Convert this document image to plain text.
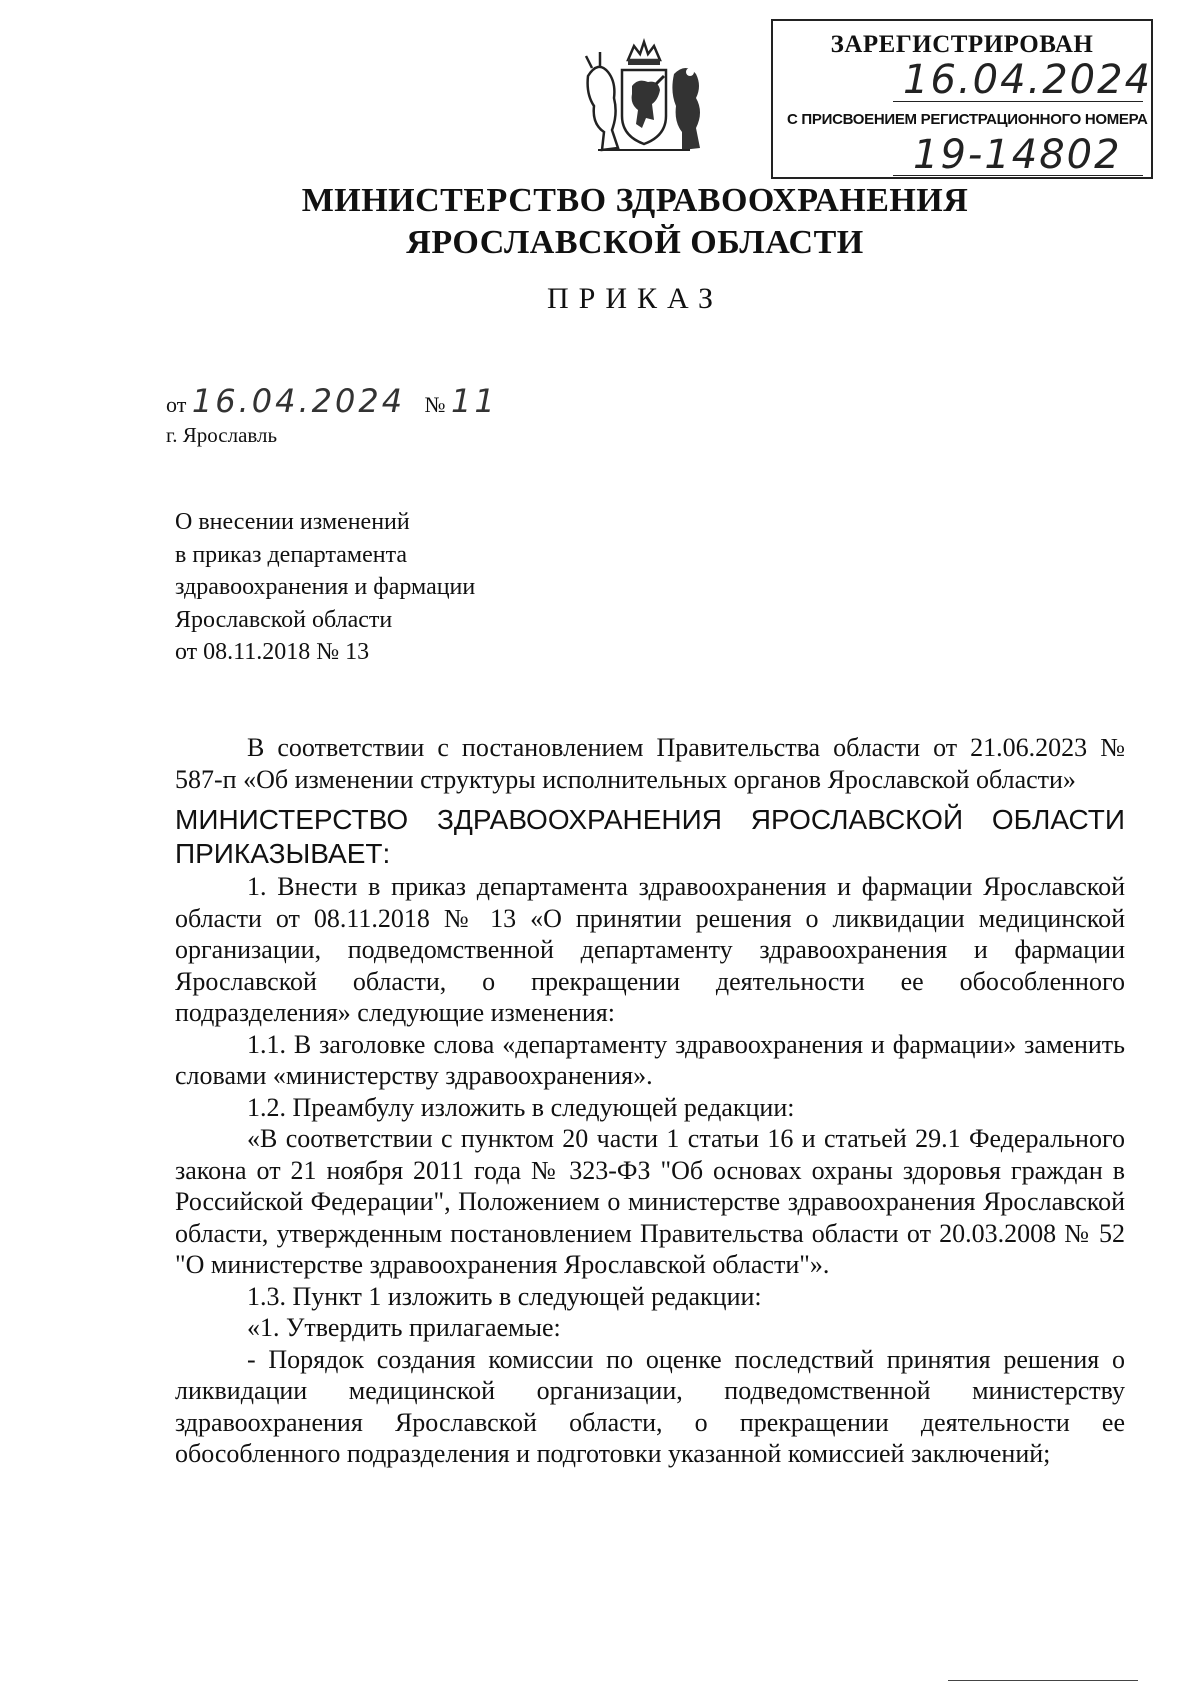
ЗАРЕГИСТРИРОВАН
16.04.2024
С ПРИСВОЕНИЕМ РЕГИСТРАЦИОННОГО НОМЕРА
19-14802
МИНИСТЕРСТВО ЗДРАВООХРАНЕНИЯ
ЯРОСЛАВСКОЙ ОБЛАСТИ
ПРИКАЗ
от 16.04.2024 № 11
г. Ярославль
О внесении изменений
в приказ департамента
здравоохранения и фармации
Ярославской области
от 08.11.2018 № 13

В соответствии с постановлением Правительства области от 21.06.2023 № 587-п «Об изменении структуры исполнительных органов Ярославской области»

МИНИСТЕРСТВО ЗДРАВООХРАНЕНИЯ ЯРОСЛАВСКОЙ ОБЛАСТИ
ПРИКАЗЫВАЕТ:

1. Внести в приказ департамента здравоохранения и фармации Ярославской области от 08.11.2018 № 13 «О принятии решения о ликвидации медицинской организации, подведомственной департаменту здравоохранения и фармации Ярославской области, о прекращении деятельности ее обособленного подразделения» следующие изменения:

1.1. В заголовке слова «департаменту здравоохранения и фармации» заменить словами «министерству здравоохранения».

1.2. Преамбулу изложить в следующей редакции:

«В соответствии с пунктом 20 части 1 статьи 16 и статьей 29.1 Федерального закона от 21 ноября 2011 года № 323-ФЗ "Об основах охраны здоровья граждан в Российской Федерации", Положением о министерстве здравоохранения Ярославской области, утвержденным постановлением Правительства области от 20.03.2008 № 52 "О министерстве здравоохранения Ярославской области"».

1.3. Пункт 1 изложить в следующей редакции:

«1. Утвердить прилагаемые:

- Порядок создания комиссии по оценке последствий принятия решения о ликвидации медицинской организации, подведомственной министерству здравоохранения Ярославской области, о прекращении деятельности ее обособленного подразделения и подготовки указанной комиссией заключений;
